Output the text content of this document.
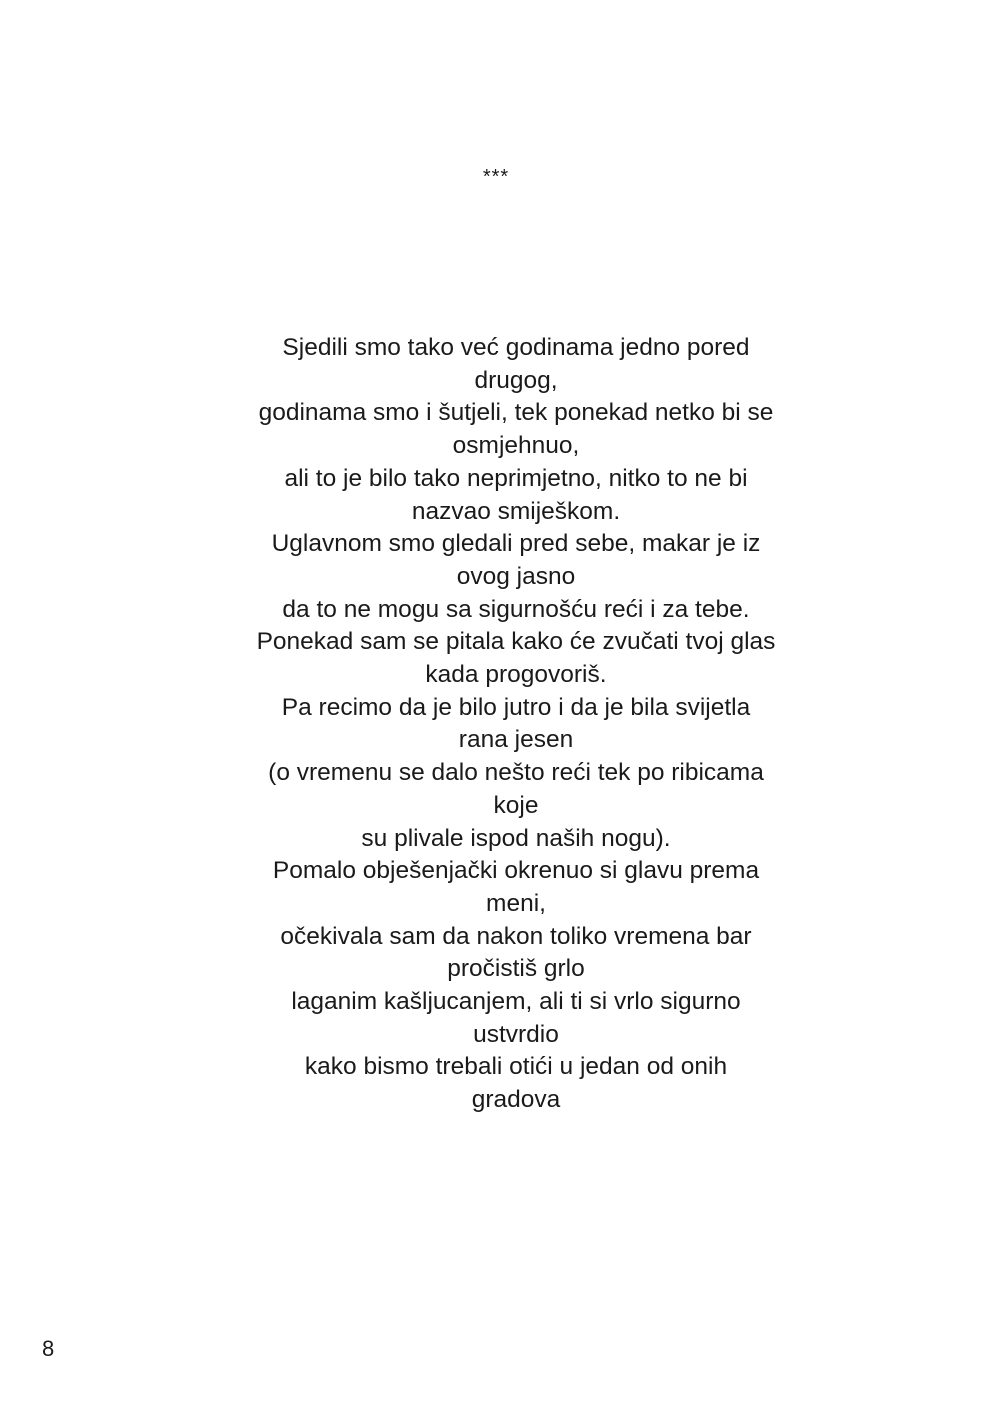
***
Sjedili smo tako već godinama jedno pored
drugog,
godinama smo i šutjeli, tek ponekad netko bi se
osmjehnuo,
ali to je bilo tako neprimjetno, nitko to ne bi
nazvao smiješkom.
Uglavnom smo gledali pred sebe, makar je iz
ovog jasno
da to ne mogu sa sigurnošću reći i za tebe.
Ponekad sam se pitala kako će zvučati tvoj glas
kada progovoriš.
Pa recimo da je bilo jutro i da je bila svijetla
rana jesen
(o vremenu se dalo nešto reći tek po ribicama
koje
su plivale ispod naših nogu).
Pomalo obješenjački okrenuo si glavu prema
meni,
očekivala sam da nakon toliko vremena bar
pročistiš grlo
laganim kašljucanjem, ali ti si vrlo sigurno
ustvrdio
kako bismo trebali otići u jedan od onih
gradova
8
